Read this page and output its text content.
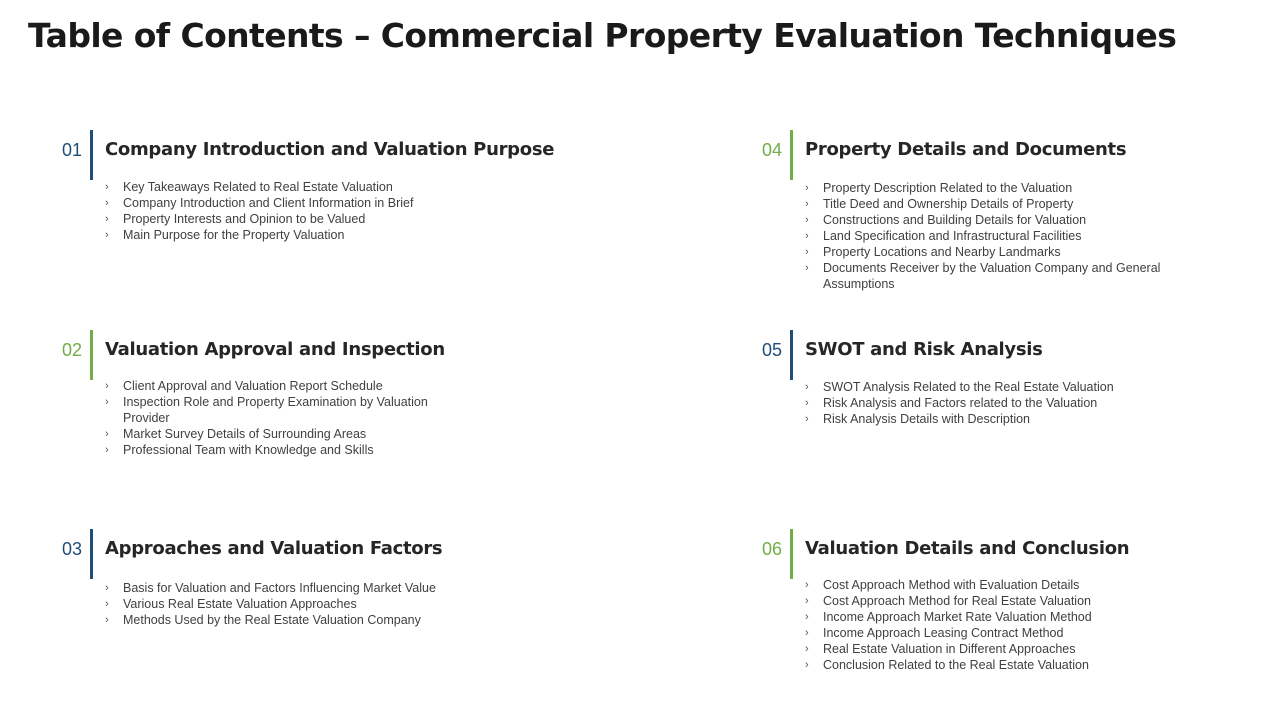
Table of Contents – Commercial Property Evaluation Techniques
01 Company Introduction and Valuation Purpose
› Key Takeaways Related to Real Estate Valuation
› Company Introduction and Client Information in Brief
› Property Interests and Opinion to be Valued
› Main Purpose for the Property Valuation
02 Valuation Approval and Inspection
› Client Approval and Valuation Report Schedule
› Inspection Role and Property Examination by Valuation Provider
› Market Survey Details of Surrounding Areas
› Professional Team with Knowledge and Skills
03 Approaches and Valuation Factors
› Basis for Valuation and Factors Influencing Market Value
› Various Real Estate Valuation Approaches
› Methods Used by the Real Estate Valuation Company
04 Property Details and Documents
› Property Description Related to the Valuation
› Title Deed and Ownership Details of Property
› Constructions and Building Details for Valuation
› Land Specification and Infrastructural Facilities
› Property Locations and Nearby Landmarks
› Documents Receiver by the Valuation Company and General Assumptions
05 SWOT and Risk Analysis
› SWOT Analysis Related to the Real Estate Valuation
› Risk Analysis and Factors related to the Valuation
› Risk Analysis Details with Description
06 Valuation Details and Conclusion
› Cost Approach Method with Evaluation Details
› Cost Approach Method for Real Estate Valuation
› Income Approach Market Rate Valuation Method
› Income Approach Leasing Contract Method
› Real Estate Valuation in Different Approaches
› Conclusion Related to the Real Estate Valuation
